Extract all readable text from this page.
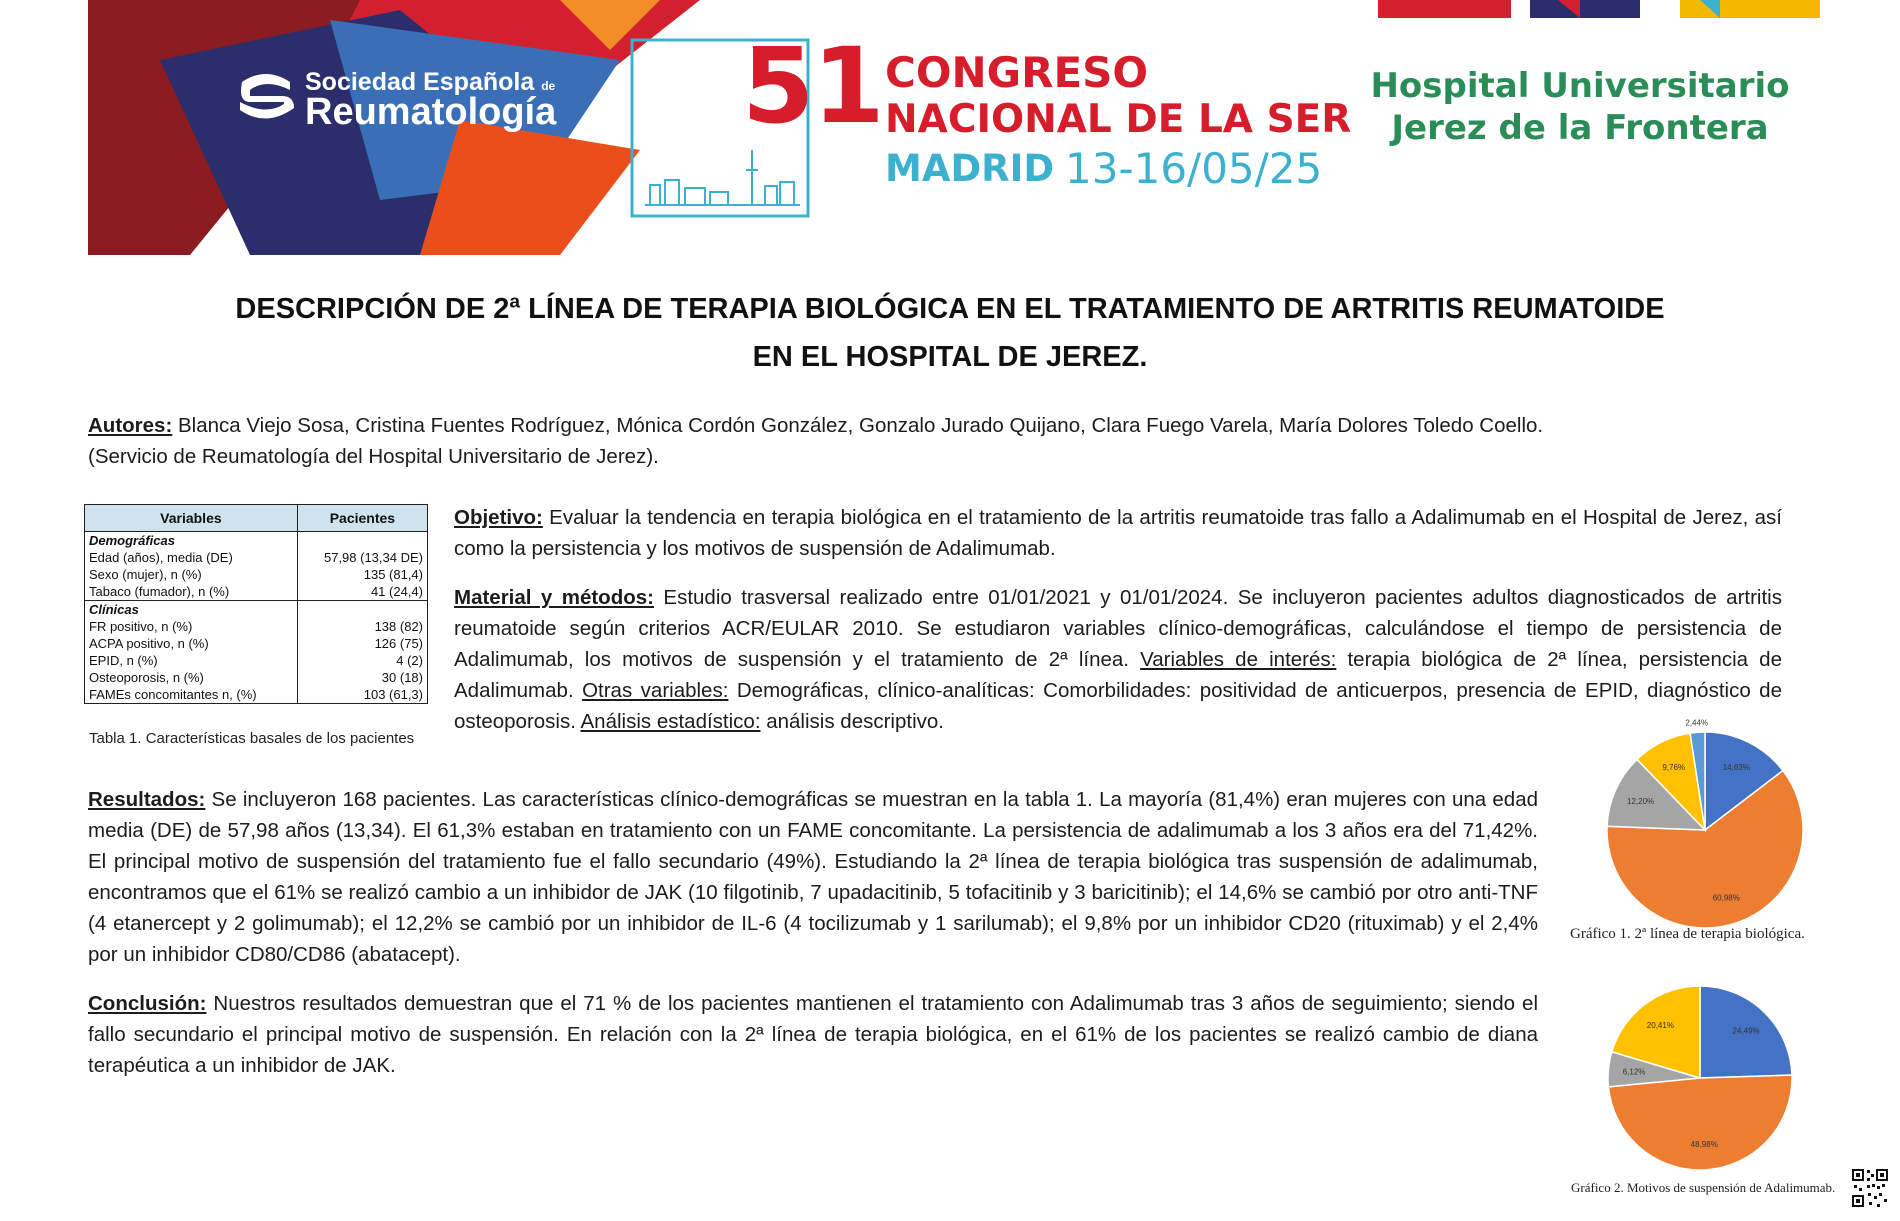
Sociedad Española de
Reumatología 51 CONGRESO
NACIONAL DE LA SER
MADRID 13-16/05/25
Hospital Universitario
Jerez de la Frontera
DESCRIPCIÓN DE 2ª LÍNEA DE TERAPIA BIOLÓGICA EN EL TRATAMIENTO DE ARTRITIS REUMATOIDE
EN EL HOSPITAL DE JEREZ.
Autores: Blanca Viejo Sosa, Cristina Fuentes Rodríguez, Mónica Cordón González, Gonzalo Jurado Quijano, Clara Fuego Varela, María Dolores Toledo Coello.
(Servicio de Reumatología del Hospital Universitario de Jerez).
Variables	Pacientes
Demográficas	
Edad (años), media (DE)	57,98 (13,34 DE)
Sexo (mujer), n (%)	135 (81,4)
Tabaco (fumador), n (%)	41 (24,4)
Clínicas	
FR positivo, n (%)	138 (82)
ACPA positivo, n (%)	126 (75)
EPID, n (%)	4 (2)
Osteoporosis, n (%)	30 (18)
FAMEs concomitantes n, (%)	103 (61,3)
Tabla 1. Características basales de los pacientes
Objetivo: Evaluar la tendencia en terapia biológica en el tratamiento de la artritis reumatoide tras fallo a Adalimumab en el Hospital de Jerez, así como la persistencia y los motivos de suspensión de Adalimumab.
Material y métodos: Estudio trasversal realizado entre 01/01/2021 y 01/01/2024. Se incluyeron pacientes adultos diagnosticados de artritis reumatoide según criterios ACR/EULAR 2010. Se estudiaron variables clínico-demográficas, calculándose el tiempo de persistencia de Adalimumab, los motivos de suspensión y el tratamiento de 2ª línea. Variables de interés: terapia biológica de 2ª línea, persistencia de Adalimumab. Otras variables: Demográficas, clínico-analíticas: Comorbilidades: positividad de anticuerpos, presencia de EPID, diagnóstico de osteoporosis. Análisis estadístico: análisis descriptivo.
Resultados: Se incluyeron 168 pacientes. Las características clínico-demográficas se muestran en la tabla 1. La mayoría (81,4%) eran mujeres con una edad media (DE) de 57,98 años (13,34). El 61,3% estaban en tratamiento con un FAME concomitante. La persistencia de adalimumab a los 3 años era del 71,42%. El principal motivo de suspensión del tratamiento fue el fallo secundario (49%). Estudiando la 2ª línea de terapia biológica tras suspensión de adalimumab, encontramos que el 61% se realizó cambio a un inhibidor de JAK (10 filgotinib, 7 upadacitinib, 5 tofacitinib y 3 baricitinib); el 14,6% se cambió por otro anti-TNF (4 etanercept y 2 golimumab); el 12,2% se cambió por un inhibidor de IL-6 (4 tocilizumab y 1 sarilumab); el 9,8% por un inhibidor CD20 (rituximab) y el 2,4% por un inhibidor CD80/CD86 (abatacept).
Conclusión: Nuestros resultados demuestran que el 71 % de los pacientes mantienen el tratamiento con Adalimumab tras 3 años de seguimiento; siendo el fallo secundario el principal motivo de suspensión. En relación con la 2ª línea de terapia biológica, en el 61% de los pacientes se realizó cambio de diana terapéutica a un inhibidor de JAK.
14,63%
60,98%
12,20%
9,76%
2,44%
Gráfico 1. 2ª línea de terapia biológica.
24,49%
48,98%
6,12%
20,41%
Gráfico 2. Motivos de suspensión de Adalimumab.
N.º 003
